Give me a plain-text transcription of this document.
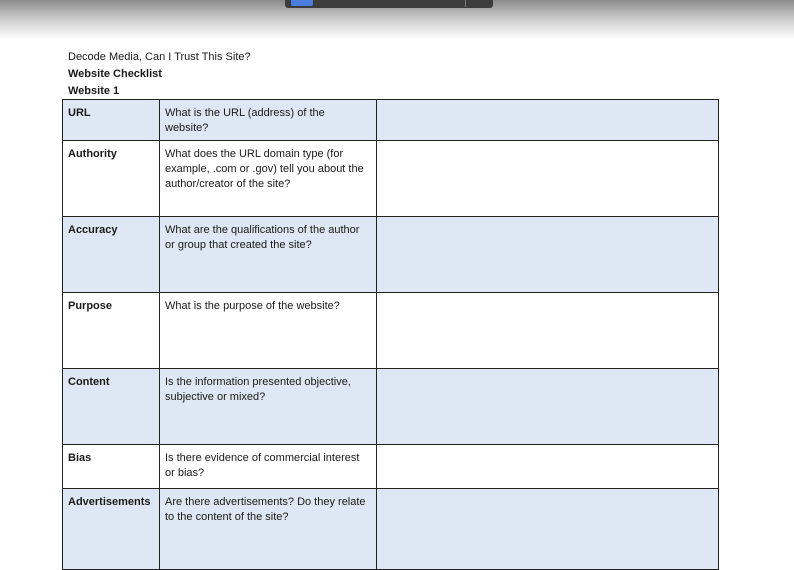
Decode Media, Can I Trust This Site?
Website Checklist
Website 1
URL	What is the URL (address) of the website?	
Authority	What does the URL domain type (for example, .com or .gov) tell you about the author/creator of the site?	
Accuracy	What are the qualifications of the author or group that created the site?	
Purpose	What is the purpose of the website?	
Content	Is the information presented objective, subjective or mixed?	
Bias	Is there evidence of commercial interest or bias?	
Advertisements	Are there advertisements? Do they relate to the content of the site?	
